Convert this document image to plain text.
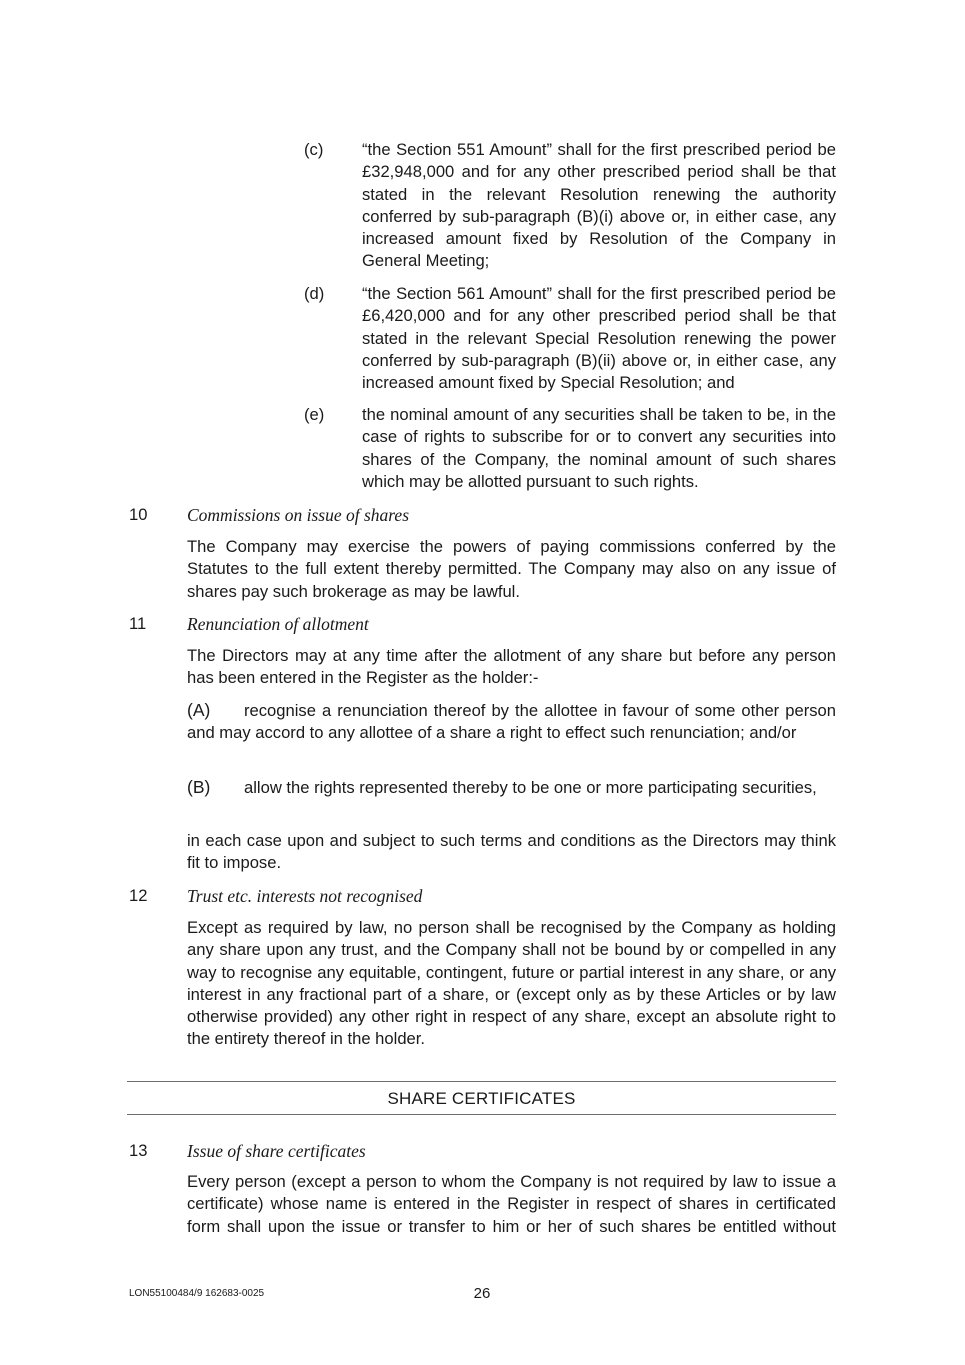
(c) “the Section 551 Amount” shall for the first prescribed period be £32,948,000 and for any other prescribed period shall be that stated in the relevant Resolution renewing the authority conferred by sub-paragraph (B)(i) above or, in either case, any increased amount fixed by Resolution of the Company in General Meeting;
(d) “the Section 561 Amount” shall for the first prescribed period be £6,420,000 and for any other prescribed period shall be that stated in the relevant Special Resolution renewing the power conferred by sub-paragraph (B)(ii) above or, in either case, any increased amount fixed by Special Resolution; and
(e) the nominal amount of any securities shall be taken to be, in the case of rights to subscribe for or to convert any securities into shares of the Company, the nominal amount of such shares which may be allotted pursuant to such rights.
10 Commissions on issue of shares
The Company may exercise the powers of paying commissions conferred by the Statutes to the full extent thereby permitted. The Company may also on any issue of shares pay such brokerage as may be lawful.
11 Renunciation of allotment
The Directors may at any time after the allotment of any share but before any person has been entered in the Register as the holder:-
(A) recognise a renunciation thereof by the allottee in favour of some other person and may accord to any allottee of a share a right to effect such renunciation; and/or
(B) allow the rights represented thereby to be one or more participating securities,
in each case upon and subject to such terms and conditions as the Directors may think fit to impose.
12 Trust etc. interests not recognised
Except as required by law, no person shall be recognised by the Company as holding any share upon any trust, and the Company shall not be bound by or compelled in any way to recognise any equitable, contingent, future or partial interest in any share, or any interest in any fractional part of a share, or (except only as by these Articles or by law otherwise provided) any other right in respect of any share, except an absolute right to the entirety thereof in the holder.
SHARE CERTIFICATES
13 Issue of share certificates
Every person (except a person to whom the Company is not required by law to issue a certificate) whose name is entered in the Register in respect of shares in certificated form shall upon the issue or transfer to him or her of such shares be entitled without
LON55100484/9 162683-0025	26
